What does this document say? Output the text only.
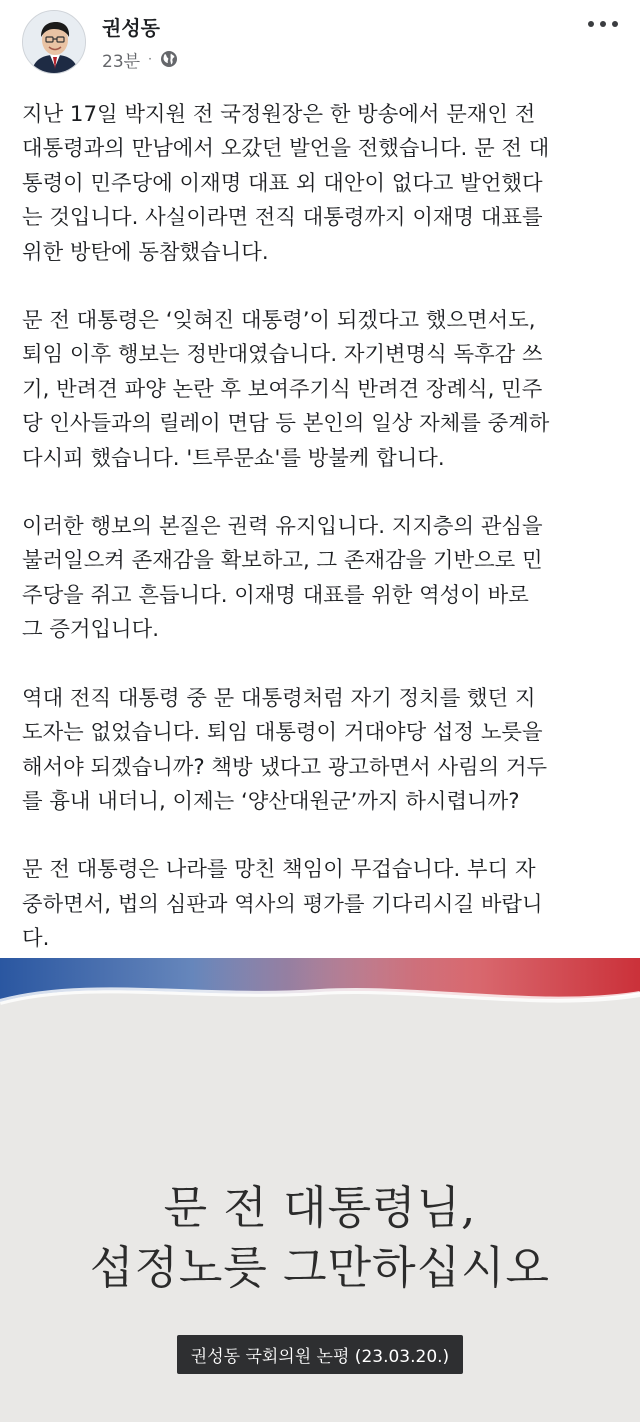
권성동
23분 ·

지난 17일 박지원 전 국정원장은 한 방송에서 문재인 전
대통령과의 만남에서 오갔던 발언을 전했습니다. 문 전 대
통령이 민주당에 이재명 대표 외 대안이 없다고 발언했다
는 것입니다. 사실이라면 전직 대통령까지 이재명 대표를
위한 방탄에 동참했습니다.

문 전 대통령은 ‘잊혀진 대통령’이 되겠다고 했으면서도,
퇴임 이후 행보는 정반대였습니다. 자기변명식 독후감 쓰
기, 반려견 파양 논란 후 보여주기식 반려견 장례식, 민주
당 인사들과의 릴레이 면담 등 본인의 일상 자체를 중계하
다시피 했습니다. '트루문쇼'를 방불케 합니다.

이러한 행보의 본질은 권력 유지입니다. 지지층의 관심을
불러일으켜 존재감을 확보하고, 그 존재감을 기반으로 민
주당을 쥐고 흔듭니다. 이재명 대표를 위한 역성이 바로
그 증거입니다.

역대 전직 대통령 중 문 대통령처럼 자기 정치를 했던 지
도자는 없었습니다. 퇴임 대통령이 거대야당 섭정 노릇을
해서야 되겠습니까? 책방 냈다고 광고하면서 사림의 거두
를 흉내 내더니, 이제는 ‘양산대원군’까지 하시렵니까?

문 전 대통령은 나라를 망친 책임이 무겁습니다. 부디 자
중하면서, 법의 심판과 역사의 평가를 기다리시길 바랍니
다.

문 전 대통령님,
섭정노릇 그만하십시오
권성동 국회의원 논평 (23.03.20.)
